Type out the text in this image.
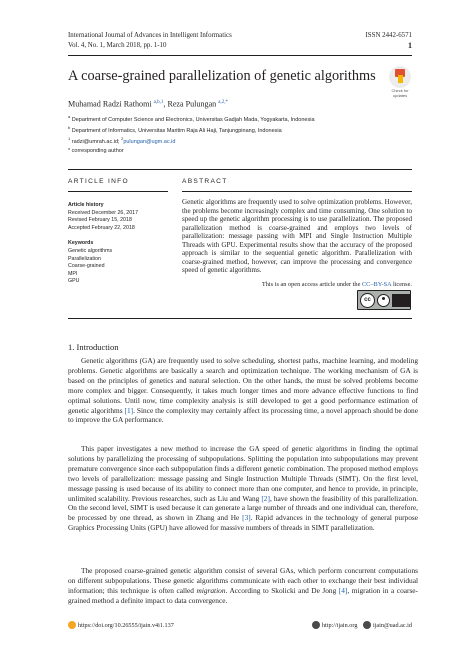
International Journal of Advances in Intelligent Informatics
Vol. 4, No. 1, March 2018, pp. 1-10
ISSN 2442-6571
1
A coarse-grained parallelization of genetic algorithms
Check for
updates
Muhamad Radzi Rathomi $^{a,b,1}$, Reza Pulungan $^{a,2,*}$
$^a$ Department of Computer Science and Electronics, Universitas Gadjah Mada, Yogyakarta, Indonesia
$^b$ Department of Informatics, Universitas Maritim Raja Ali Haji, Tanjungpinang, Indonesia
$^1$ radzi@umrah.ac.id; $^2$pulungan@ugm.ac.id
* corresponding author
ARTICLE INFO	ABSTRACT
Article history
Received December 26, 2017
Revised February 15, 2018
Accepted February 22, 2018
Keywords
Genetic algorithms
Parallelization
Coarse-grained
MPI
GPU
Genetic algorithms are frequently used to solve optimization problems. However, the problems become increasingly complex and time consuming. One solution to speed up the genetic algorithm processing is to use parallelization. The proposed parallelization method is coarse-grained and employs two levels of parallelization: message passing with MPI and Single Instruction Multiple Threads with GPU. Experimental results show that the accuracy of the proposed approach is similar to the sequential genetic algorithm. Parallelization with coarse-grained method, however, can improve the processing and convergence speed of genetic algorithms.
This is an open access article under the CC–BY-SA license.
cc
1. Introduction

Genetic algorithms (GA) are frequently used to solve scheduling, shortest paths, machine learning, and modeling problems. Genetic algorithms are basically a search and optimization technique. The working mechanism of GA is based on the principles of genetics and natural selection. On the other hands, the must be solved problems become more complex and bigger. Consequently, it takes much longer times and more advance effective functions to find optimal solutions. Until now, time complexity analysis is still developed to get a good performance estimation of genetic algorithms [1]. Since the complexity may certainly affect its processing time, a novel approach should be done to improve the GA performance.

This paper investigates a new method to increase the GA speed of genetic algorithms in finding the optimal solutions by parallelizing the processing of subpopulations. Splitting the population into subpopulations may prevent premature convergence since each subpopulation finds a different genetic combination. The proposed method employs two levels of parallelization: message passing and Single Instruction Multiple Threads (SIMT). On the first level, message passing is used because of its ability to connect more than one computer, and hence to provide, in principle, unlimited scalability. Previous researches, such as Liu and Wang [2], have shown the feasibility of this parallelization. On the second level, SIMT is used because it can generate a large number of threads and one individual can, therefore, be processed by one thread, as shown in Zhang and He [3]. Rapid advances in the technology of general purpose Graphics Processing Units (GPU) have allowed for massive numbers of threads in SIMT parallelization.

The proposed coarse-grained genetic algorithm consist of several GAs, which perform concurrent computations on different subpopulations. These genetic algorithms communicate with each other to exchange their best individual information; this technique is often called migration. According to Skolicki and De Jong [4], migration in a coarse-grained method a definite impact to data convergence.

https://doi.org/10.26555/ijain.v4i1.137	http://ijain.org	ijain@uad.ac.id
